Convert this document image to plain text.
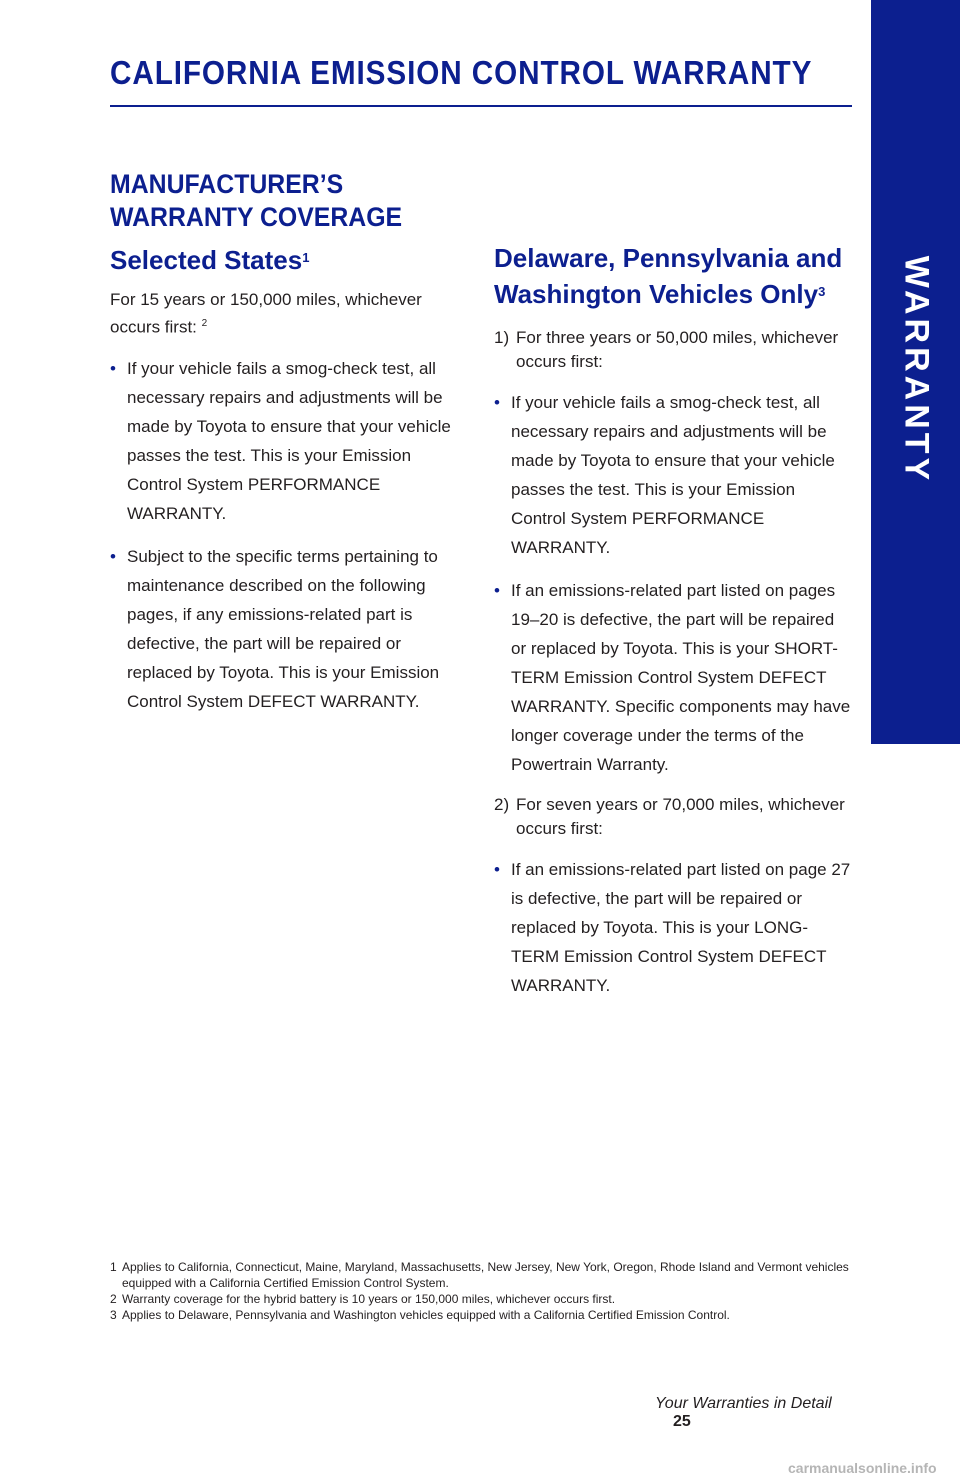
CALIFORNIA EMISSION CONTROL WARRANTY
WARRANTY
MANUFACTURER’S
WARRANTY COVERAGE
Selected States$^1$

For 15 years or 150,000 miles, whichever occurs first: $^2$

• If your vehicle fails a smog-check test, all necessary repairs and adjustments will be made by Toyota to ensure that your vehicle passes the test. This is your Emission Control System PERFORMANCE WARRANTY.
• Subject to the specific terms pertaining to maintenance described on the following pages, if any emissions-related part is defective, the part will be repaired or replaced by Toyota. This is your Emission Control System DEFECT WARRANTY.
Delaware, Pennsylvania and
Washington Vehicles Only$^3$
1) For three years or 50,000 miles, whichever occurs first:
• If your vehicle fails a smog-check test, all necessary repairs and adjustments will be made by Toyota to ensure that your vehicle passes the test. This is your Emission Control System PERFORMANCE WARRANTY.
• If an emissions-related part listed on pages 19–20 is defective, the part will be repaired or replaced by Toyota. This is your SHORT-TERM Emission Control System DEFECT WARRANTY. Specific components may have longer coverage under the terms of the Powertrain Warranty.
2) For seven years or 70,000 miles, whichever occurs first:
• If an emissions-related part listed on page 27 is defective, the part will be repaired or replaced by Toyota. This is your LONG-TERM Emission Control System DEFECT WARRANTY.
1 Applies to California, Connecticut, Maine, Maryland, Massachusetts, New Jersey, New York, Oregon, Rhode Island and Vermont vehicles equipped with a California Certified Emission Control System.
2 Warranty coverage for the hybrid battery is 10 years or 150,000 miles, whichever occurs first.
3 Applies to Delaware, Pennsylvania and Washington vehicles equipped with a California Certified Emission Control.
Your Warranties in Detail 25
carmanualsonline.info
